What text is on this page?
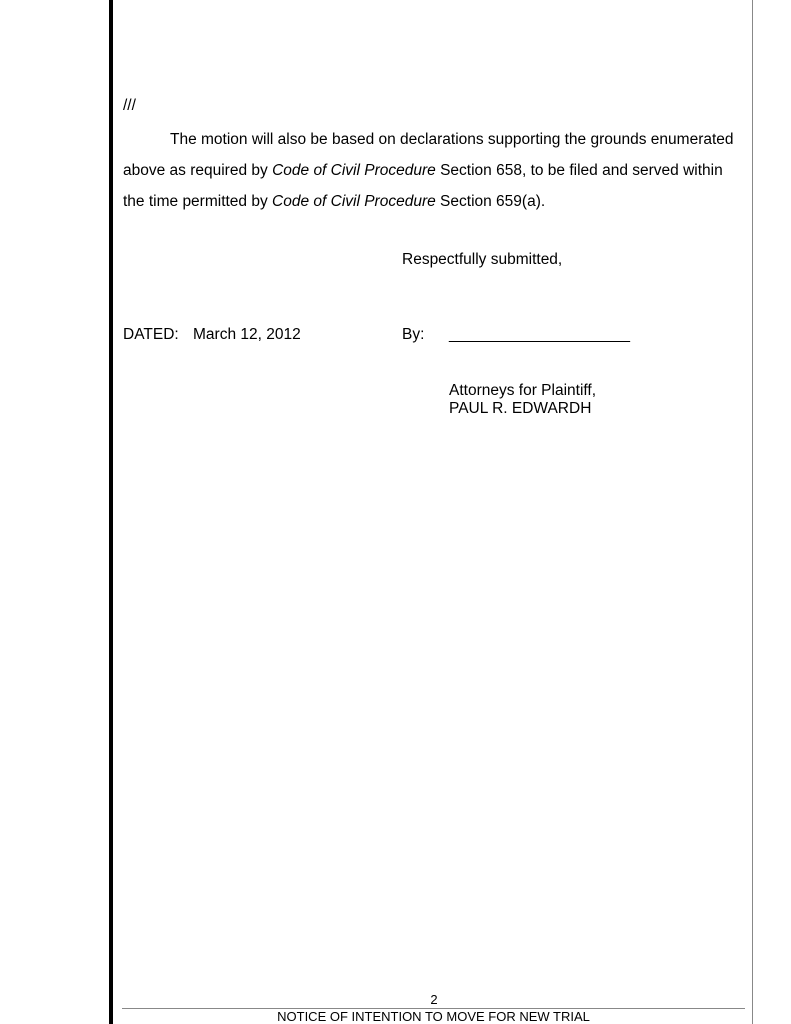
///
The motion will also be based on declarations supporting the grounds enumerated
above as required by Code of Civil Procedure Section 658, to be filed and served within
the time permitted by Code of Civil Procedure Section 659(a).
Respectfully submitted,
DATED: March 12, 2012	By: _____________________
Attorneys for Plaintiff,
PAUL R. EDWARDH
2
NOTICE OF INTENTION TO MOVE FOR NEW TRIAL
